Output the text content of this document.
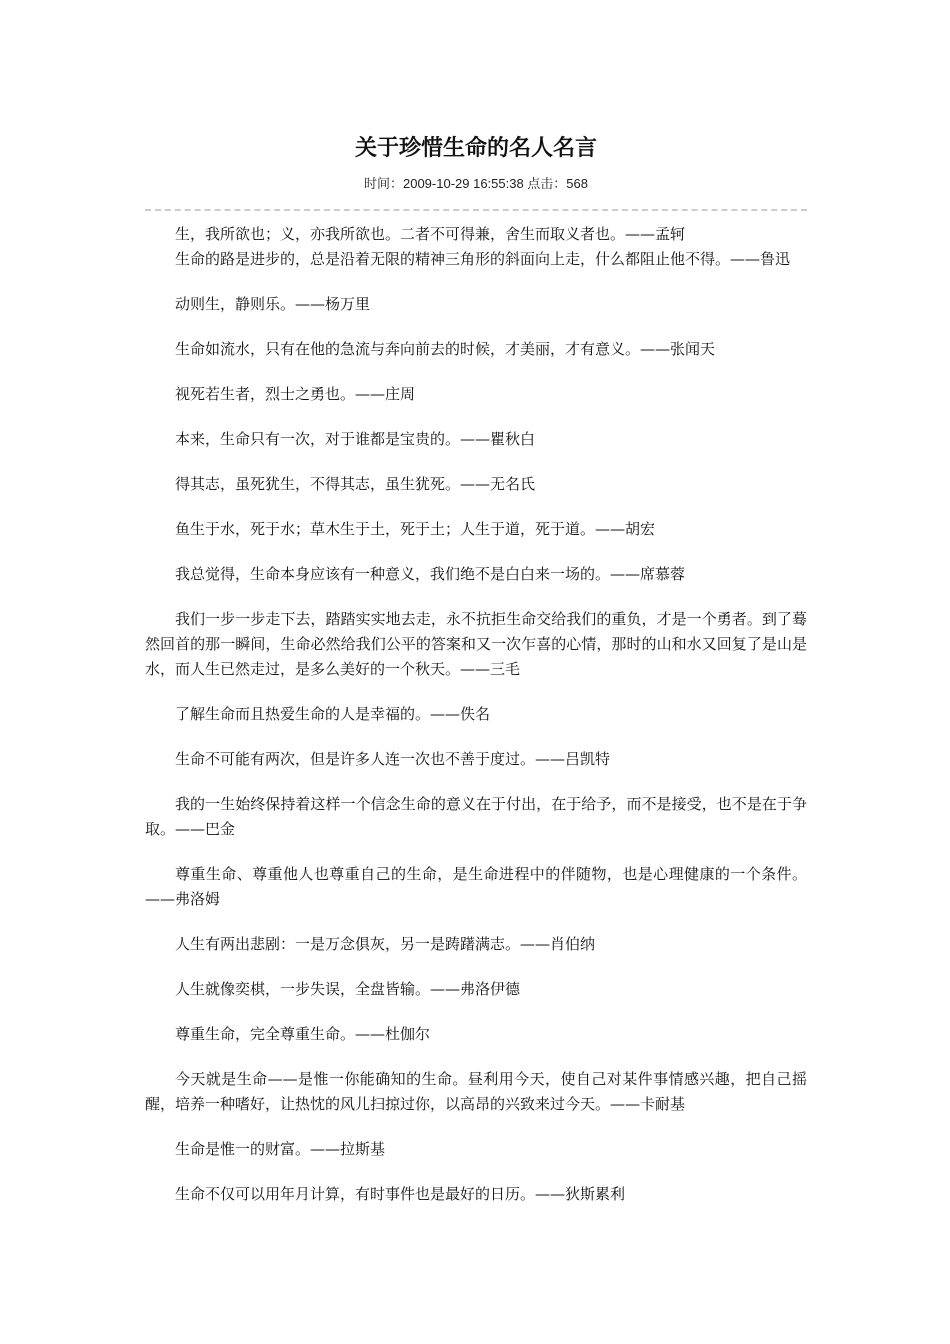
关于珍惜生命的名人名言
时间：2009-10-29 16:55:38 点击：568

生，我所欲也；义，亦我所欲也。二者不可得兼，舍生而取义者也。——孟轲

生命的路是进步的，总是沿着无限的精神三角形的斜面向上走，什么都阻止他不得。——鲁迅

动则生，静则乐。——杨万里

生命如流水，只有在他的急流与奔向前去的时候，才美丽，才有意义。——张闻天

视死若生者，烈士之勇也。——庄周

本来，生命只有一次，对于谁都是宝贵的。——瞿秋白

得其志，虽死犹生，不得其志，虽生犹死。——无名氏

鱼生于水，死于水；草木生于土，死于土；人生于道，死于道。——胡宏

我总觉得，生命本身应该有一种意义，我们绝不是白白来一场的。——席慕蓉

我们一步一步走下去，踏踏实实地去走，永不抗拒生命交给我们的重负，才是一个勇者。到了蓦然回首的那一瞬间，生命必然给我们公平的答案和又一次乍喜的心情，那时的山和水又回复了是山是水，而人生已然走过，是多么美好的一个秋天。——三毛

了解生命而且热爱生命的人是幸福的。——佚名

生命不可能有两次，但是许多人连一次也不善于度过。——吕凯特

我的一生始终保持着这样一个信念生命的意义在于付出，在于给予，而不是接受，也不是在于争取。——巴金

尊重生命、尊重他人也尊重自己的生命，是生命进程中的伴随物，也是心理健康的一个条件。——弗洛姆

人生有两出悲剧：一是万念俱灰，另一是踌躇满志。——肖伯纳

人生就像奕棋，一步失误，全盘皆输。——弗洛伊德

尊重生命，完全尊重生命。——杜伽尔

今天就是生命——是惟一你能确知的生命。昼利用今天，使自己对某件事情感兴趣，把自己摇醒，培养一种嗜好，让热忱的风儿扫掠过你，以高昂的兴致来过今天。——卡耐基

生命是惟一的财富。——拉斯基

生命不仅可以用年月计算，有时事件也是最好的日历。——狄斯累利
